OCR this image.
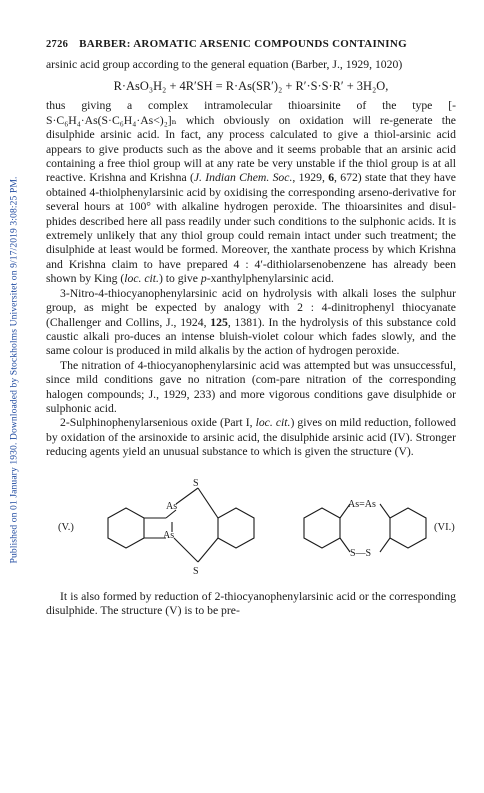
Published on 01 January 1930. Downloaded by Stockholms Universitet on 9/17/2019 3:08:25 PM.
2726 BARBER: AROMATIC ARSENIC COMPOUNDS CONTAINING

arsinic acid group according to the general equation (Barber, J., 1929, 1020)

R·AsO₃H₂ + 4R′SH = R·As(SR′)₂ + R′·S·S·R′ + 3H₂O,

thus giving a complex intramolecular thioarsinite of the type [-S·C₆H₄·As(S·C₆H₄·As<)₂]ₙ which obviously on oxidation will re-generate the disulphide arsinic acid. In fact, any process calculated to give a thiol-arsinic acid appears to give products such as the above and it seems probable that an arsinic acid containing a free thiol group will at any rate be very unstable if the thiol group is at all reactive. Krishna and Krishna (J. Indian Chem. Soc., 1929, 6, 672) state that they have obtained 4-thiolphenylarsinic acid by oxidising the corresponding arseno-derivative for several hours at 100° with alkaline hydrogen peroxide. The thioarsinites and disul-phides described here all pass readily under such conditions to the sulphonic acids. It is extremely unlikely that any thiol group could remain intact under such treatment; the disulphide at least would be formed. Moreover, the xanthate process by which Krishna and Krishna claim to have prepared 4 : 4′-dithiolarsenobenzene has already been shown by King (loc. cit.) to give p-xanthylphenylarsinic acid.

3-Nitro-4-thiocyanophenylarsinic acid on hydrolysis with alkali loses the sulphur group, as might be expected by analogy with 2 : 4-dinitrophenyl thiocyanate (Challenger and Collins, J., 1924, 125, 1381). In the hydrolysis of this substance cold caustic alkali pro-duces an intense bluish-violet colour which fades slowly, and the same colour is produced in mild alkalis by the action of hydrogen peroxide.

The nitration of 4-thiocyanophenylarsinic acid was attempted but was unsuccessful, since mild conditions gave no nitration (com-pare nitration of the corresponding halogen compounds; J., 1929, 233) and more vigorous conditions gave disulphide or sulphonic acid.

2-Sulphinophenylarsenious oxide (Part I, loc. cit.) gives on mild reduction, followed by oxidation of the arsinoxide to arsinic acid, the disulphide arsinic acid (IV). Stronger reducing agents yield an unusual substance to which is given the structure (V).

S
As
As
S
As=As
S—S
(V.)	(VI.)

It is also formed by reduction of 2-thiocyanophenylarsinic acid or the corresponding disulphide. The structure (V) is to be pre-
